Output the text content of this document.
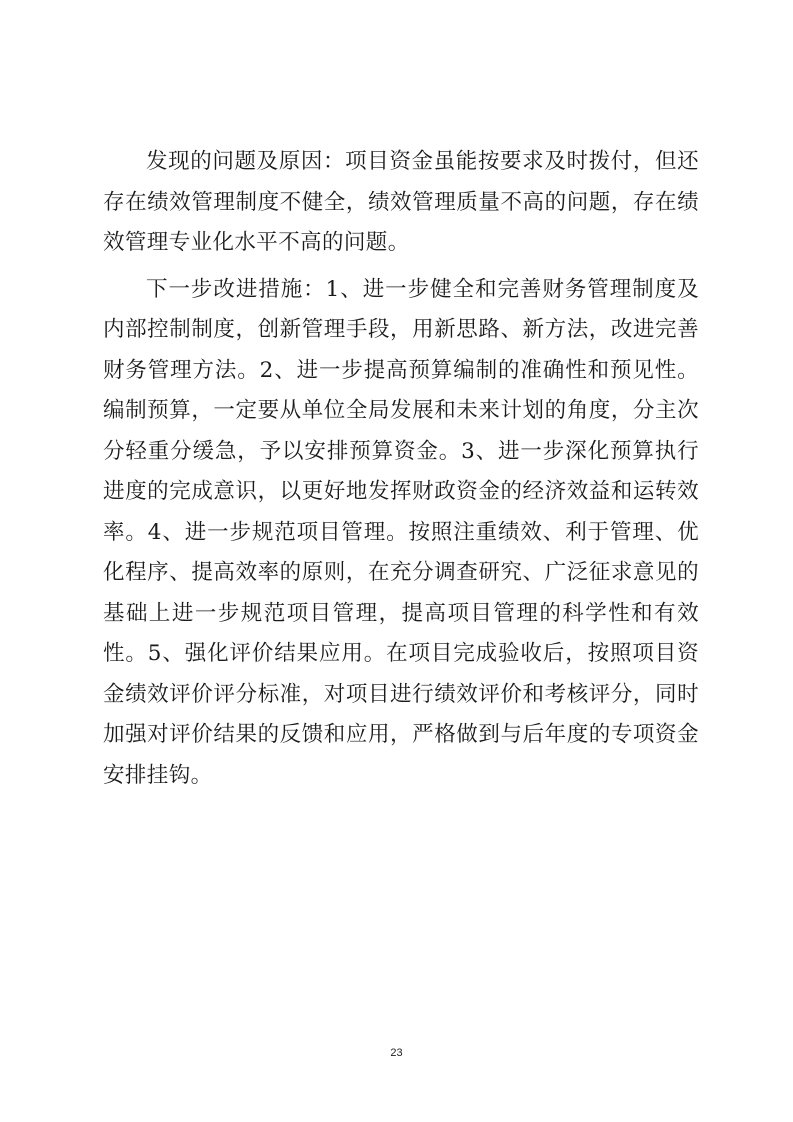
发现的问题及原因：项目资金虽能按要求及时拨付，但还存在绩效管理制度不健全，绩效管理质量不高的问题，存在绩效管理专业化水平不高的问题。

下一步改进措施：1、进一步健全和完善财务管理制度及内部控制制度，创新管理手段，用新思路、新方法，改进完善财务管理方法。2、进一步提高预算编制的准确性和预见性。编制预算，一定要从单位全局发展和未来计划的角度，分主次分轻重分缓急，予以安排预算资金。3、进一步深化预算执行进度的完成意识，以更好地发挥财政资金的经济效益和运转效率。4、进一步规范项目管理。按照注重绩效、利于管理、优化程序、提高效率的原则，在充分调查研究、广泛征求意见的基础上进一步规范项目管理，提高项目管理的科学性和有效性。5、强化评价结果应用。在项目完成验收后，按照项目资金绩效评价评分标准，对项目进行绩效评价和考核评分，同时加强对评价结果的反馈和应用，严格做到与后年度的专项资金安排挂钩。

23
